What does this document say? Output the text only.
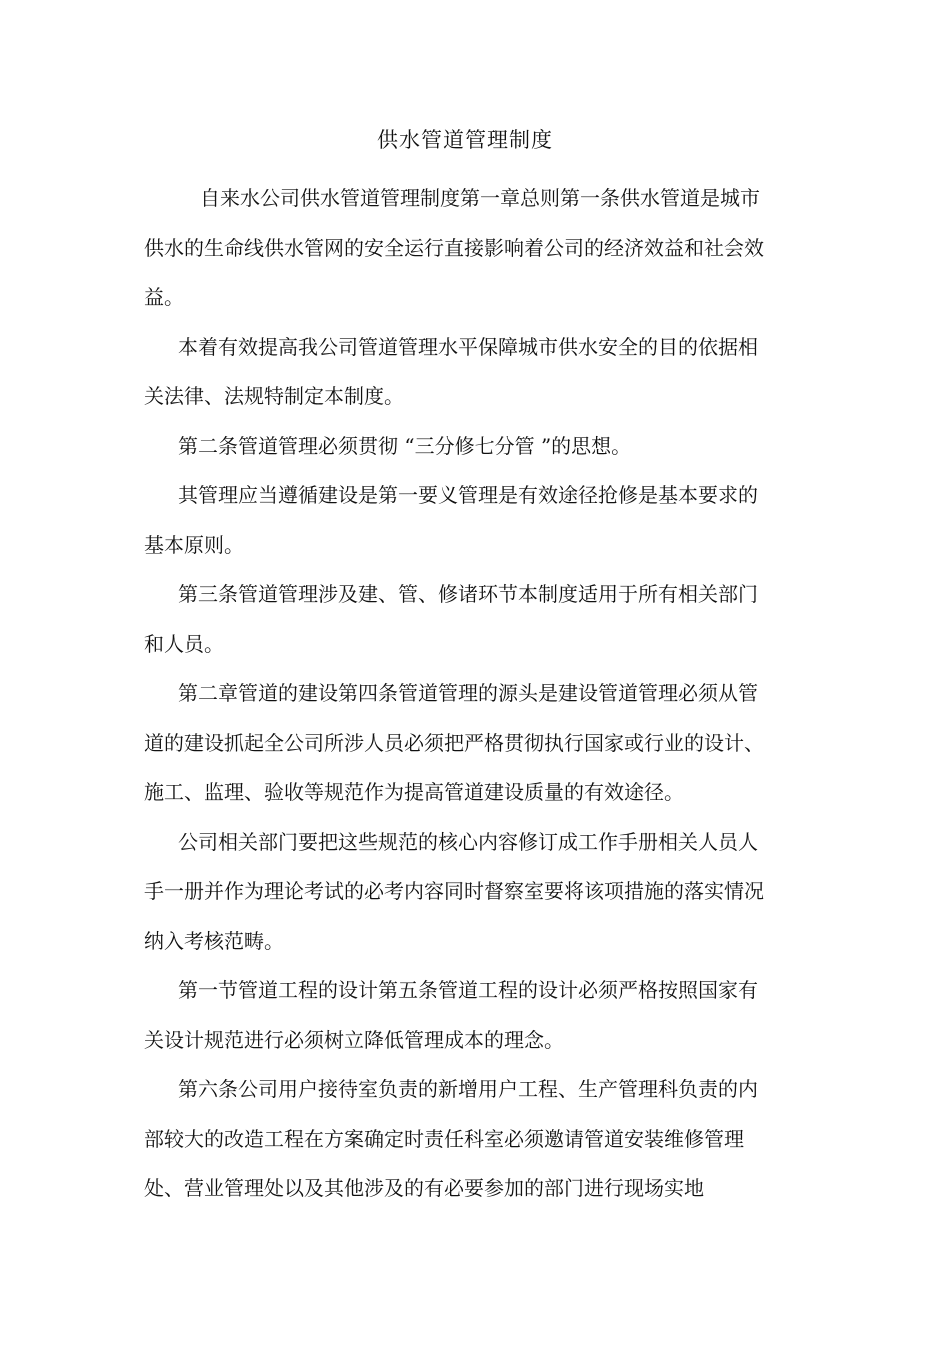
供水管道管理制度

自来水公司供水管道管理制度第一章总则第一条供水管道是城市供水的生命线供水管网的安全运行直接影响着公司的经济效益和社会效益。

本着有效提高我公司管道管理水平保障城市供水安全的目的依据相关法律、法规特制定本制度。

第二条管道管理必须贯彻 “三分修七分管 ”的思想。

其管理应当遵循建设是第一要义管理是有效途径抢修是基本要求的基本原则。

第三条管道管理涉及建、管、修诸环节本制度适用于所有相关部门和人员。

第二章管道的建设第四条管道管理的源头是建设管道管理必须从管道的建设抓起全公司所涉人员必须把严格贯彻执行国家或行业的设计、施工、监理、验收等规范作为提高管道建设质量的有效途径。

公司相关部门要把这些规范的核心内容修订成工作手册相关人员人手一册并作为理论考试的必考内容同时督察室要将该项措施的落实情况纳入考核范畴。

第一节管道工程的设计第五条管道工程的设计必须严格按照国家有关设计规范进行必须树立降低管理成本的理念。

第六条公司用户接待室负责的新增用户工程、生产管理科负责的内部较大的改造工程在方案确定时责任科室必须邀请管道安装维修管理处、营业管理处以及其他涉及的有必要参加的部门进行现场实地
